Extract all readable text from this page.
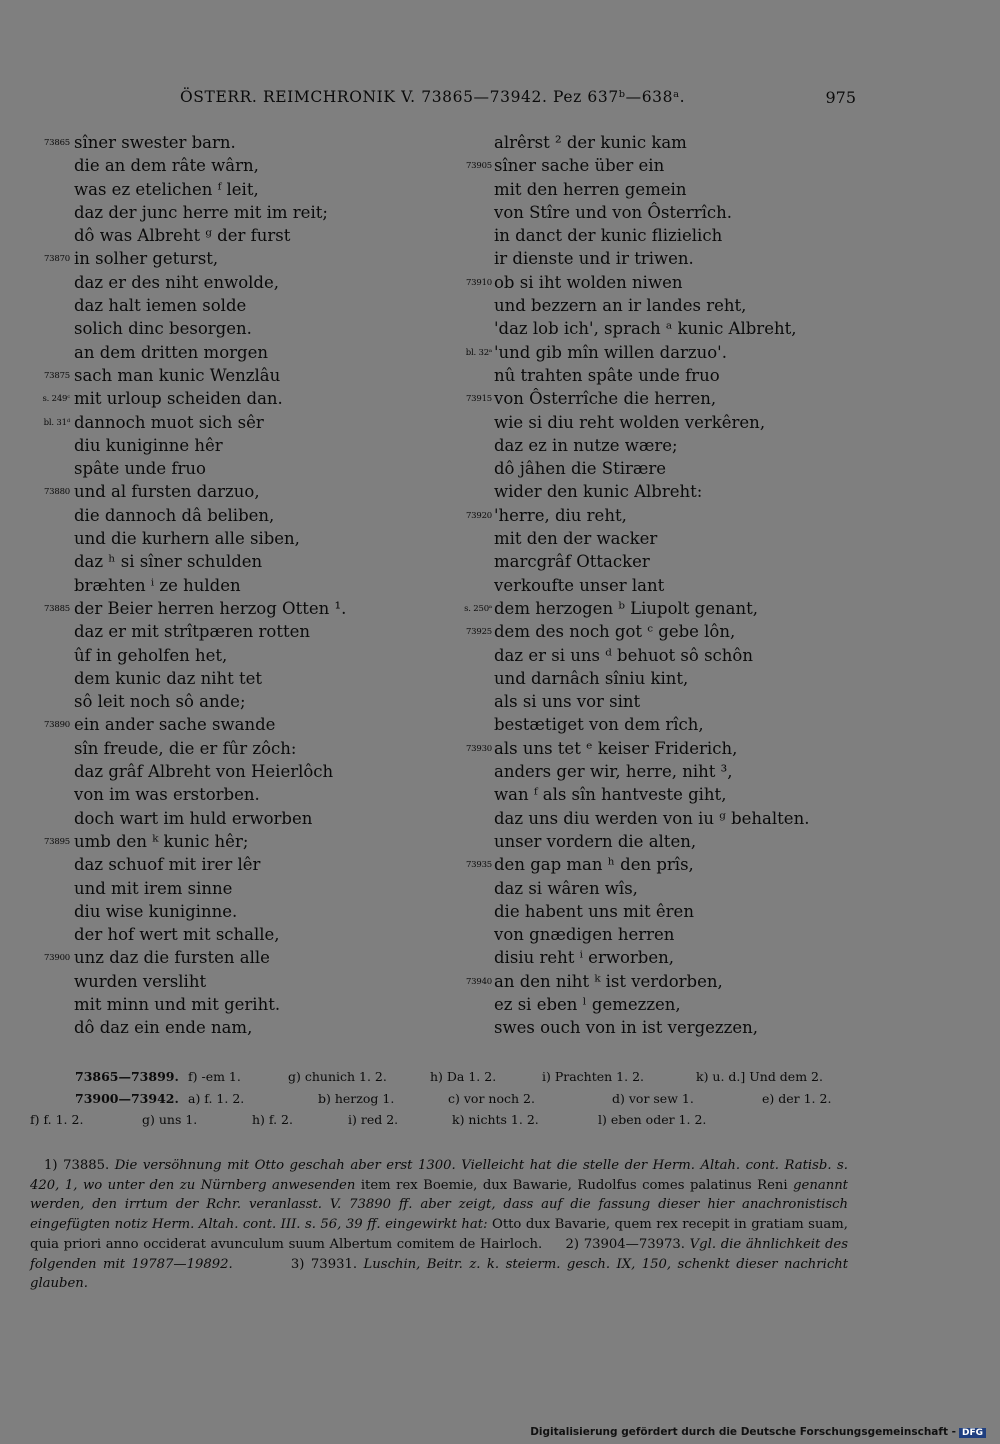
ÖSTERR. REIMCHRONIK V. 73865—73942. Pez 637ᵇ—638ᵃ.	975
73865 sîner swester barn.
die an dem râte wârn,
was ez etelichen ᶠ leit,
daz der junc herre mit im reit;
dô was Albreht ᵍ der furst
73870 in solher geturst,
daz er des niht enwolde,
daz halt iemen solde
solich dinc besorgen.
an dem dritten morgen
73875 sach man kunic Wenzlâu
s. 249ᶜ mit urloup scheiden dan.
bl. 31ᵈ dannoch muot sich sêr
diu kuniginne hêr
spâte unde fruo
73880 und al fursten darzuo,
die dannoch dâ beliben,
und die kurhern alle siben,
daz ʰ si sîner schulden
bræhten ⁱ ze hulden
73885 der Beier herren herzog Otten ¹.
daz er mit strîtpæren rotten
ûf in geholfen het,
dem kunic daz niht tet
sô leit noch sô ande;
73890 ein ander sache swande
sîn freude, die er fûr zôch:
daz grâf Albreht von Heierlôch
von im was erstorben.
doch wart im huld erworben
73895 umb den ᵏ kunic hêr;
daz schuof mit irer lêr
und mit irem sinne
diu wise kuniginne.
der hof wert mit schalle,
73900 unz daz die fursten alle
wurden versliht
mit minn und mit geriht.
dô daz ein ende nam,
alrêrst ² der kunic kam
73905 sîner sache über ein
mit den herren gemein
von Stîre und von Ôsterrîch.
in danct der kunic flizielich
ir dienste und ir triwen.
73910 ob si iht wolden niwen
und bezzern an ir landes reht,
'daz lob ich', sprach ᵃ kunic Albreht,
bl. 32ᵃ 'und gib mîn willen darzuo'.
nû trahten spâte unde fruo
73915 von Ôsterrîche die herren,
wie si diu reht wolden verkêren,
daz ez in nutze wære;
dô jâhen die Stirære
wider den kunic Albreht:
73920 'herre, diu reht,
mit den der wacker
marcgrâf Ottacker
verkoufte unser lant
s. 250ᵃ dem herzogen ᵇ Liupolt genant,
73925 dem des noch got ᶜ gebe lôn,
daz er si uns ᵈ behuot sô schôn
und darnâch sîniu kint,
als si uns vor sint
bestætiget von dem rîch,
73930 als uns tet ᵉ keiser Friderich,
anders ger wir, herre, niht ³,
wan ᶠ als sîn hantveste giht,
daz uns diu werden von iu ᵍ behalten.
unser vordern die alten,
73935 den gap man ʰ den prîs,
daz si wâren wîs,
die habent uns mit êren
von gnædigen herren
disiu reht ⁱ erworben,
73940 an den niht ᵏ ist verdorben,
ez si eben ˡ gemezzen,
swes ouch von in ist vergezzen,
73865—73899. f) -em 1.	g) chunich 1. 2.	h) Da 1. 2.	i) Prachten 1. 2.	k) u. d.] Und dem 2.
73900—73942. a) f. 1. 2.	b) herzog 1.	c) vor noch 2.	d) vor sew 1.	e) der 1. 2.
f) f. 1. 2.	g) uns 1.	h) f. 2.	i) red 2.	k) nichts 1. 2.	l) eben oder 1. 2.

1) 73885. Die versöhnung mit Otto geschah aber erst 1300. Vielleicht hat die stelle der Herm. Altah. cont. Ratisb. s. 420, 1, wo unter den zu Nürnberg anwesenden item rex Boemie, dux Bawarie, Rudolfus comes palatinus Reni genannt werden, den irrtum der Rchr. veranlasst. V. 73890 ff. aber zeigt, dass auf die fassung dieser hier anachronistisch eingefügten notiz Herm. Altah. cont. III. s. 56, 39 ff. eingewirkt hat: Otto dux Bavarie, quem rex recepit in gratiam suam, quia priori anno occiderat avunculum suum Albertum comitem de Hairloch. 2) 73904—73973. Vgl. die ähnlichkeit des folgenden mit 19787—19892.	3) 73931. Luschin, Beitr. z. k. steierm. gesch. IX, 150, schenkt dieser nachricht glauben.

Digitalisierung gefördert durch die Deutsche Forschungsgemeinschaft - DFG
